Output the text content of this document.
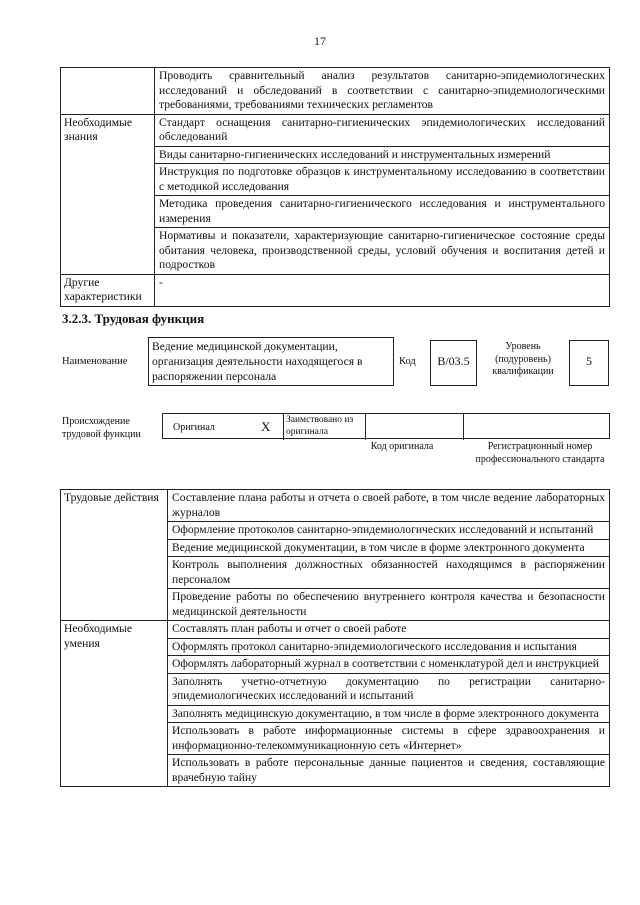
17
	Проводить сравнительный анализ результатов санитарно-эпидемиологических исследований и обследований в соответствии с санитарно-эпидемиологическими требованиями, требованиями технических регламентов
Необходимые знания	Стандарт оснащения санитарно-гигиенических эпидемиологических исследований обследований
	Виды санитарно-гигиенических исследований и инструментальных измерений
	Инструкция по подготовке образцов к инструментальному исследованию в соответствии с методикой исследования
	Методика проведения санитарно-гигиенического исследования и инструментального измерения
	Нормативы и показатели, характеризующие санитарно-гигиеническое состояние среды обитания человека, производственной среды, условий обучения и воспитания детей и подростков
Другие характеристики	-
3.2.3. Трудовая функция
Наименование
Ведение медицинской документации, организация деятельности находящегося в распоряжении персонала
Код	B/03.5
Уровень (подуровень) квалификации
5
Происхождение трудовой функции
Оригинал	X Заимствовано из оригинала
Код оригинала	Регистрационный номер профессионального стандарта
Трудовые действия	Составление плана работы и отчета о своей работе, в том числе ведение лабораторных журналов
	Оформление протоколов санитарно-эпидемиологических исследований и испытаний
	Ведение медицинской документации, в том числе в форме электронного документа
	Контроль выполнения должностных обязанностей находящимся в распоряжении персоналом
	Проведение работы по обеспечению внутреннего контроля качества и безопасности медицинской деятельности
Необходимые умения	Составлять план работы и отчет о своей работе
	Оформлять протокол санитарно-эпидемиологического исследования и испытания
	Оформлять лабораторный журнал в соответствии с номенклатурой дел и инструкцией
	Заполнять учетно-отчетную документацию по регистрации санитарно-эпидемиологических исследований и испытаний
	Заполнять медицинскую документацию, в том числе в форме электронного документа
	Использовать в работе информационные системы в сфере здравоохранения и информационно-телекоммуникационную сеть «Интернет»
	Использовать в работе персональные данные пациентов и сведения, составляющие врачебную тайну
